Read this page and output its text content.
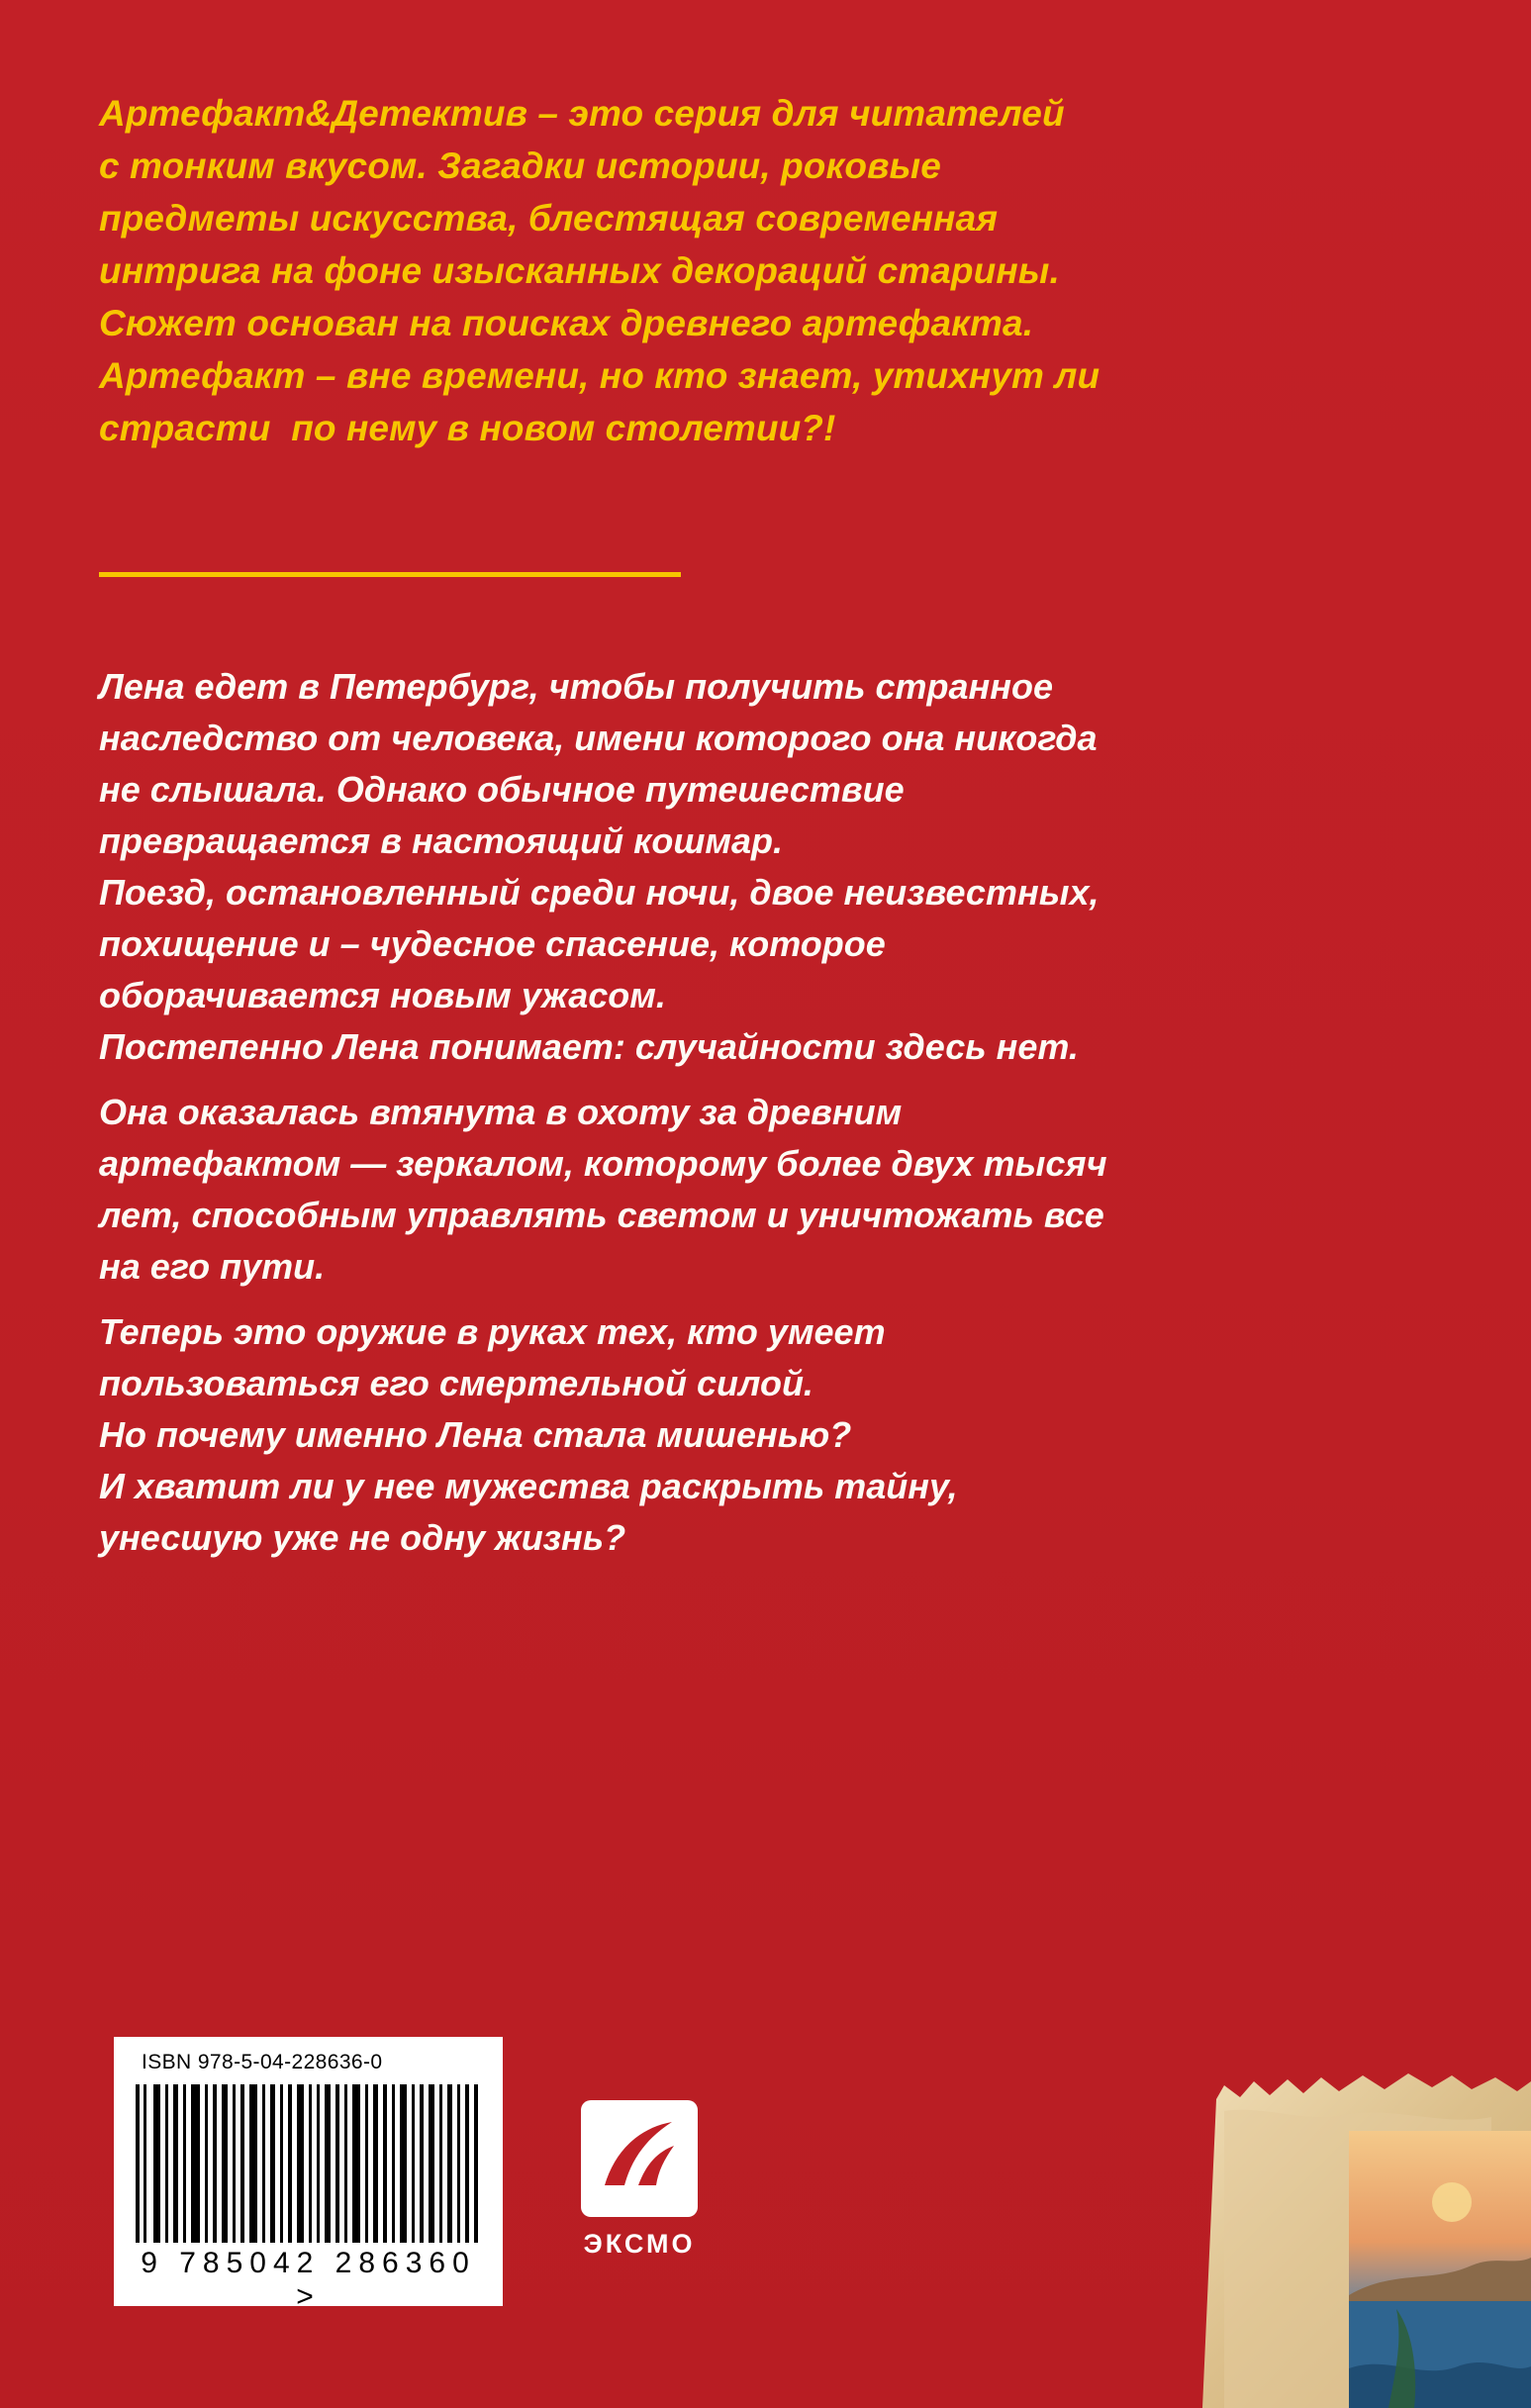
Артефакт&Детектив – это серия для читателей
с тонким вкусом. Загадки истории, роковые
предметы искусства, блестящая современная
интрига на фоне изысканных декораций старины.
Сюжет основан на поисках древнего артефакта.
Артефакт – вне времени, но кто знает, утихнут ли
страсти  по нему в новом столетии?!
Лена едет в Петербург, чтобы получить странное
наследство от человека, имени которого она никогда
не слышала. Однако обычное путешествие
превращается в настоящий кошмар.
Поезд, остановленный среди ночи, двое неизвестных,
похищение и – чудесное спасение, которое
оборачивается новым ужасом.
Постепенно Лена понимает: случайности здесь нет.
Она оказалась втянута в охоту за древним
артефактом — зеркалом, которому более двух тысяч
лет, способным управлять светом и уничтожать все
на его пути.
Теперь это оружие в руках тех, кто умеет
пользоваться его смертельной силой.
Но почему именно Лена стала мишенью?
И хватит ли у нее мужества раскрыть тайну,
унесшую уже не одну жизнь?
ISBN 978-5-04-228636-0
9 785042 286360 >
ЭКСМО
